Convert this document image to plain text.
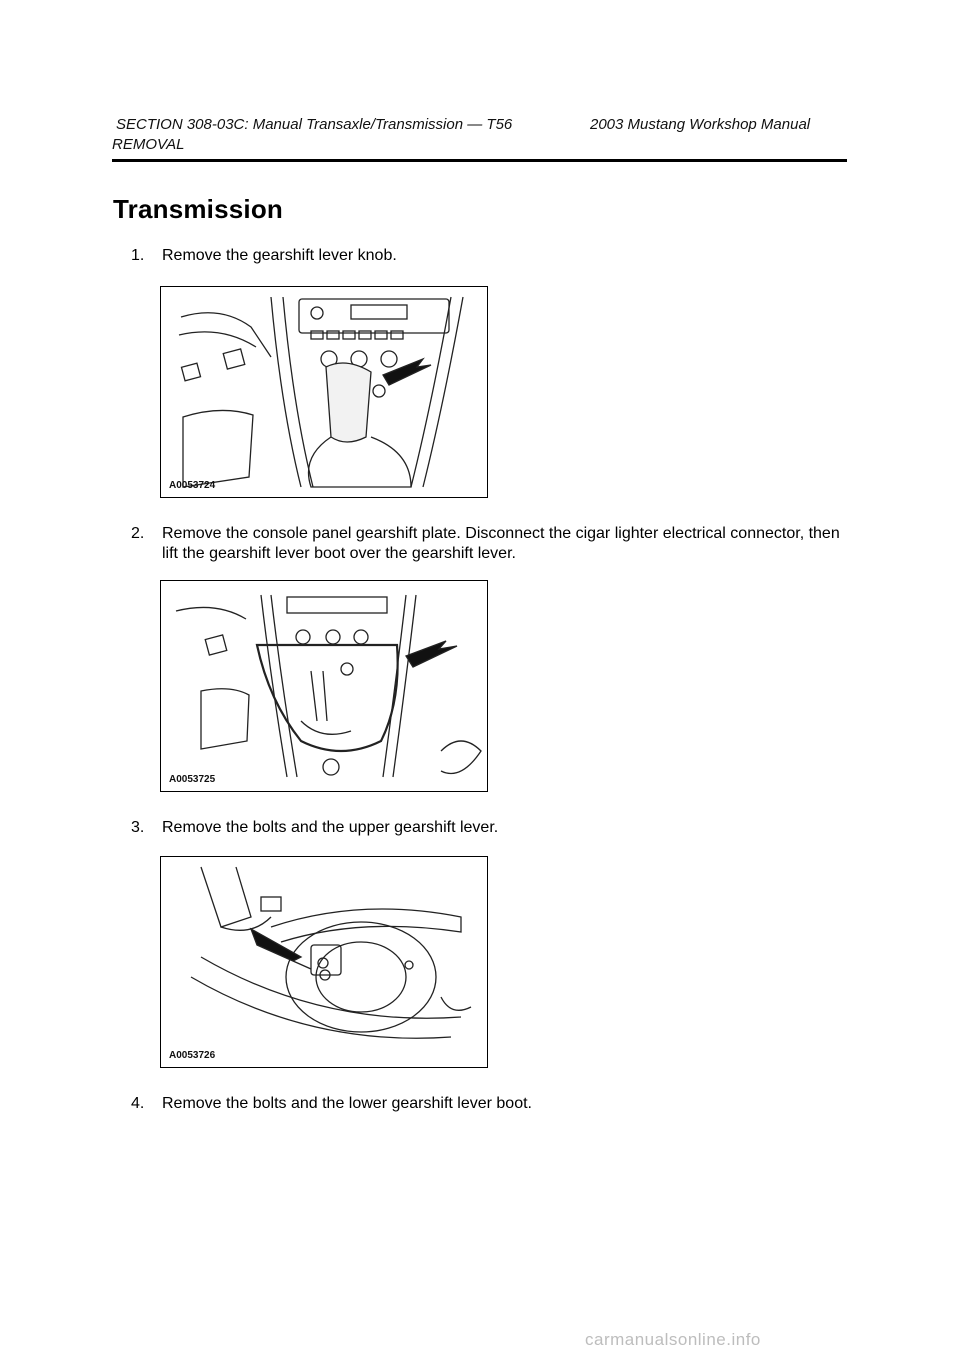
SECTION 308-03C: Manual Transaxle/Transmission — T56	2003 Mustang Workshop Manual
REMOVAL
Transmission
1. Remove the gearshift lever knob.
A0053724
2. Remove the console panel gearshift plate. Disconnect the cigar lighter electrical connector, then lift the gearshift lever boot over the gearshift lever.
A0053725
3. Remove the bolts and the upper gearshift lever.
A0053726
4. Remove the bolts and the lower gearshift lever boot.
carmanualsonline.info
